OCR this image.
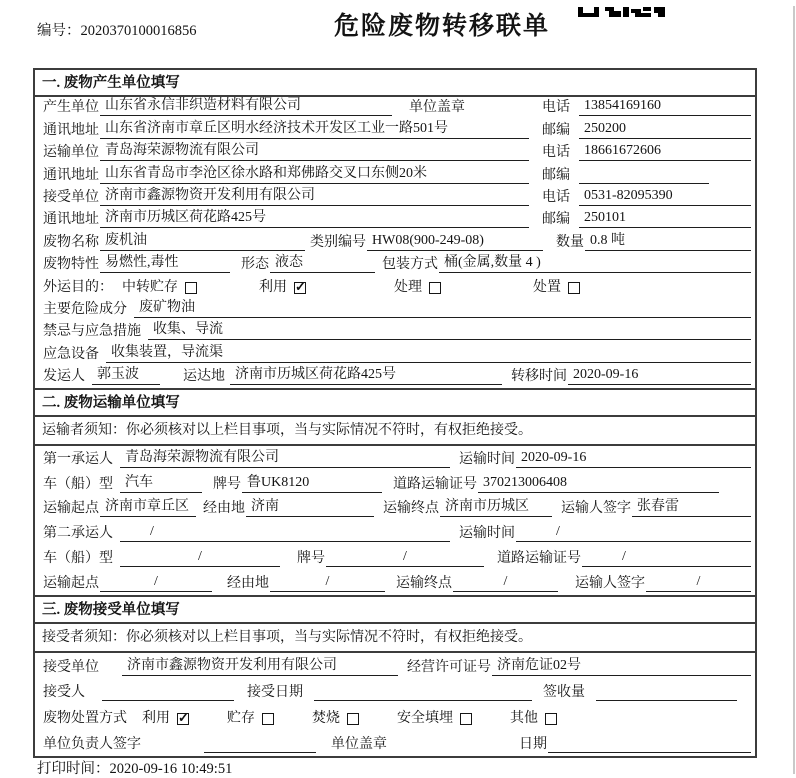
编号：2020370100016856	危险废物转移联单
一. 废物产生单位填写
产生单位 山东省永信非织造材料有限公司	单位盖章	电话	13854169160
通讯地址 山东省济南市章丘区明水经济技术开发区工业一路501号	邮编	250200
运输单位 青岛海荣源物流有限公司	电话	18661672606
通讯地址 山东省青岛市李沧区徐水路和郑佛路交叉口东侧20米	邮编
接受单位 济南市鑫源物资开发利用有限公司	电话	0531-82095390
通讯地址 济南市历城区荷花路425号	邮编	250101
废物名称 废机油	类别编号 HW08(900-249-08)	数量 0.8 吨
废物特性 易燃性,毒性	形态 液态	包装方式 桶(金属,数量 4 )
外运目的： 中转贮存	利用 ✓	处理	处置
主要危险成分 废矿物油
禁忌与应急措施 收集、导流
应急设备 收集装置，导流渠
发运人 郭玉波	运达地 济南市历城区荷花路425号	转移时间 2020-09-16
二. 废物运输单位填写
运输者须知：你必须核对以上栏目事项，当与实际情况不符时，有权拒绝接受。
第一承运人 青岛海荣源物流有限公司	运输时间 2020-09-16
车（船）型 汽车	牌号 鲁UK8120	道路运输证号 370213006408
运输起点 济南市章丘区	经由地 济南	运输终点 济南市历城区	运输人签字 张春雷
第二承运人	/	运输时间	/
车（船）型	/	牌号	/	道路运输证号	/
运输起点	/	经由地	/	运输终点	/	运输人签字	/
三. 废物接受单位填写
接受者须知：你必须核对以上栏目事项，当与实际情况不符时，有权拒绝接受。
接受单位	济南市鑫源物资开发利用有限公司	经营许可证号 济南危证02号
接受人	接受日期	签收量
废物处置方式 利用 ✓	贮存	焚烧	安全填埋	其他
单位负责人签字	单位盖章	日期
打印时间：2020-09-16 10:49:51
